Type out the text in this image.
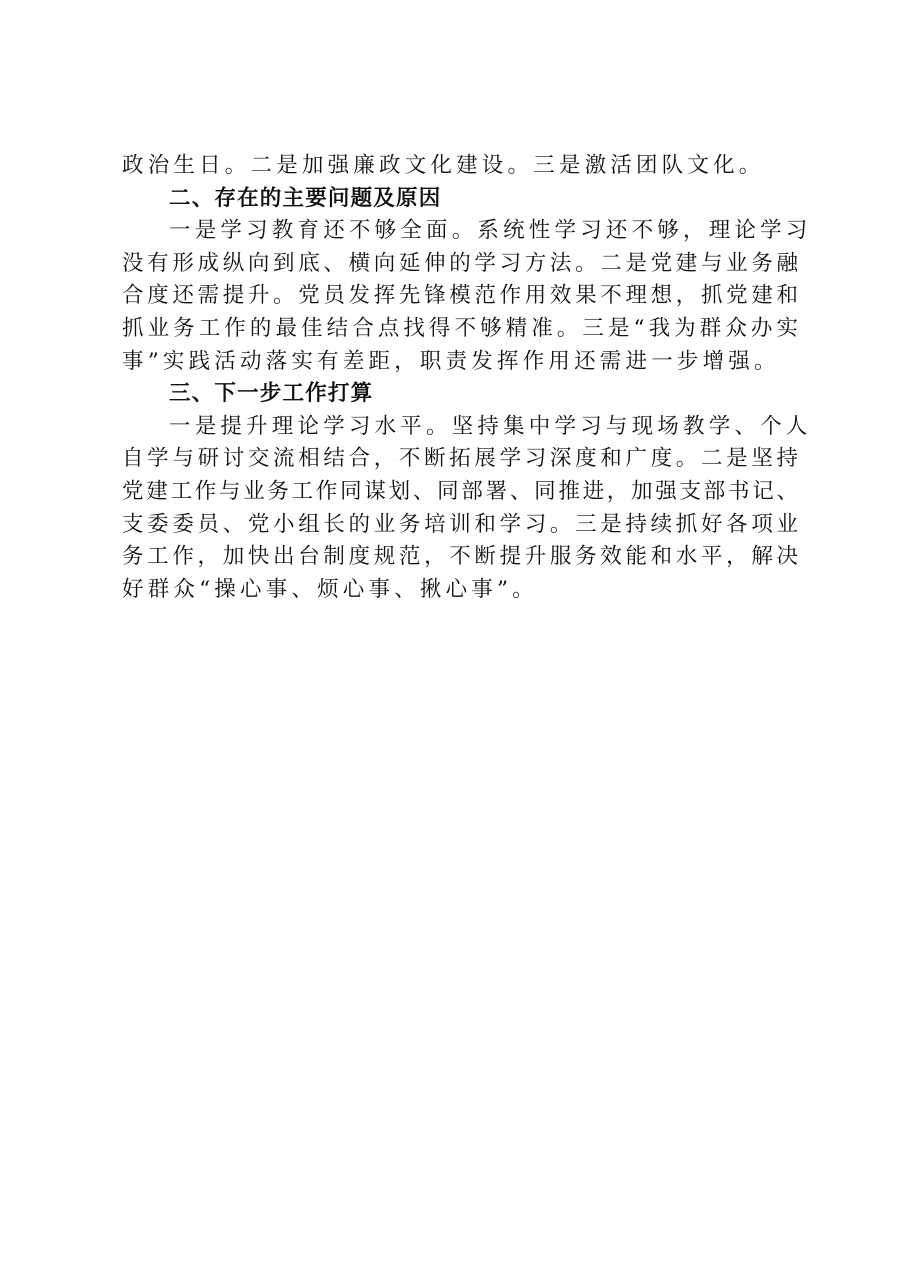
政治生日。二是加强廉政文化建设。三是激活团队文化。
二、存在的主要问题及原因
一是学习教育还不够全面。系统性学习还不够，理论学习
没有形成纵向到底、横向延伸的学习方法。二是党建与业务融
合度还需提升。党员发挥先锋模范作用效果不理想，抓党建和
抓业务工作的最佳结合点找得不够精准。三是“我为群众办实
事”实践活动落实有差距，职责发挥作用还需进一步增强。
三、下一步工作打算
一是提升理论学习水平。坚持集中学习与现场教学、个人
自学与研讨交流相结合，不断拓展学习深度和广度。二是坚持
党建工作与业务工作同谋划、同部署、同推进，加强支部书记、
支委委员、党小组长的业务培训和学习。三是持续抓好各项业
务工作，加快出台制度规范，不断提升服务效能和水平，解决
好群众“操心事、烦心事、揪心事”。
